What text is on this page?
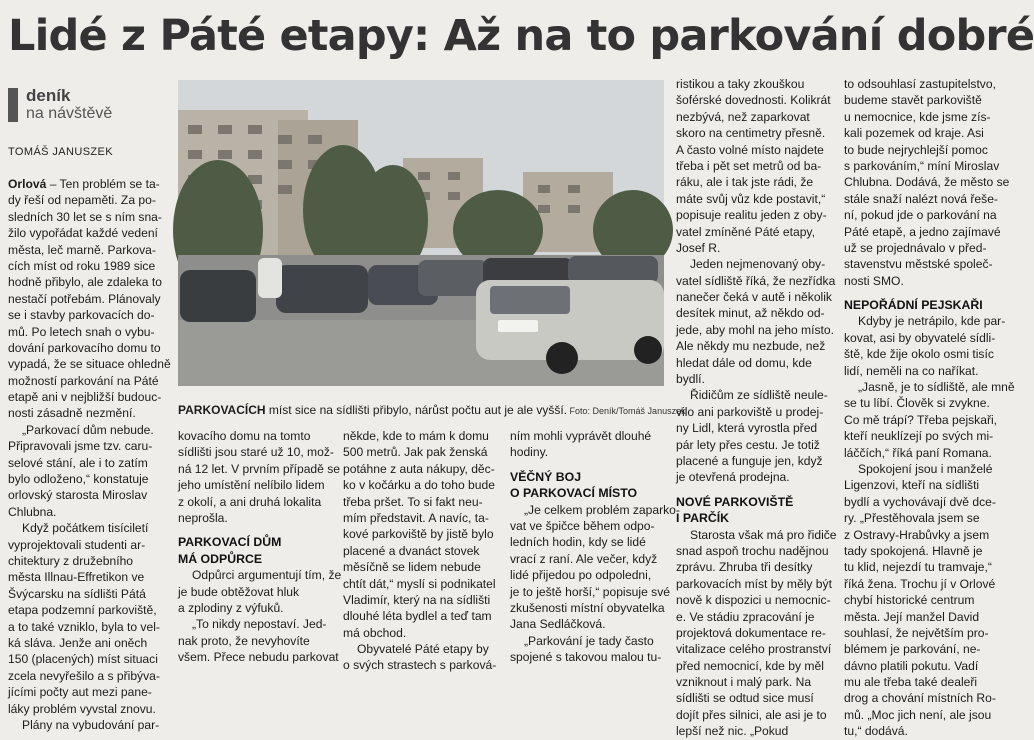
Lidé z Páté etapy: Až na to parkování dobré
deník
na návštěvě
TOMÁŠ JANUSZEK
Orlová – Ten problém se ta-
dy řeší od nepaměti. Za po-
sledních 30 let se s ním sna-
žilo vypořádat každé vedení
města, leč marně. Parkova-
cích míst od roku 1989 sice
hodně přibylo, ale zdaleka to
nestačí potřebám. Plánovaly
se i stavby parkovacích do-
mů. Po letech snah o vybu-
dování parkovacího domu to
vypadá, že se situace ohledně
možností parkování na Páté
etapě ani v nejbližší budouc-
nosti zásadně nezmění.
„Parkovací dům nebude.
Připravovali jsme tzv. caru-
selové stání, ale i to zatím
bylo odloženo,“ konstatuje
orlovský starosta Miroslav
Chlubna.
Když počátkem tisíciletí
vyprojektovali studenti ar-
chitektury z družebního
města Illnau-Effretikon ve
Švýcarsku na sídlišti Pátá
etapa podzemní parkoviště,
a to také vzniklo, byla to vel-
ká sláva. Jenže ani oněch
150 (placených) míst situaci
zcela nevyřešilo a s přibýva-
jícími počty aut mezi pane-
láky problém vyvstal znovu.
Plány na vybudování par-
PARKOVACÍCH míst sice na sídlišti přibylo, nárůst počtu aut je ale vyšší. Foto: Deník/Tomáš Januszek
kovacího domu na tomto
sídlišti jsou staré už 10, mož-
ná 12 let. V prvním případě se
jeho umístění nelíbilo lidem
z okolí, a ani druhá lokalita
neprošla.
PARKOVACÍ DŮM
MÁ ODPŮRCE
Odpůrci argumentují tím, že
je bude obtěžovat hluk
a zplodiny z výfuků.
„To nikdy nepostaví. Jed-
nak proto, že nevyhovíte
všem. Přece nebudu parkovat
někde, kde to mám k domu
500 metrů. Jak pak ženská
potáhne z auta nákupy, děc-
ko v kočárku a do toho bude
třeba pršet. To si fakt neu-
mím představit. A navíc, ta-
kové parkoviště by jistě bylo
placené a dvanáct stovek
měsíčně se lidem nebude
chtít dát,“ myslí si podnikatel
Vladimír, který na na sídlišti
dlouhé léta bydlel a teď tam
má obchod.
Obyvatelé Páté etapy by
o svých strastech s parková-
ním mohli vyprávět dlouhé
hodiny.
VĚČNÝ BOJ
O PARKOVACÍ MÍSTO
„Je celkem problém zaparko-
vat ve špičce během odpo-
ledních hodin, kdy se lidé
vrací z raní. Ale večer, když
lidé přijedou po odpoledni,
je to ještě horší,“ popisuje své
zkušenosti místní obyvatelka
Jana Sedláčková.
„Parkování je tady často
spojené s takovou malou tu-
ristikou a taky zkouškou
šoférské dovednosti. Kolikrát
nezbývá, než zaparkovat
skoro na centimetry přesně.
A často volné místo najdete
třeba i pět set metrů od ba-
ráku, ale i tak jste rádi, že
máte svůj vůz kde postavit,“
popisuje realitu jeden z oby-
vatel zmíněné Páté etapy,
Josef R.
Jeden nejmenovaný oby-
vatel sídliště říká, že nezřídka
nanečer čeká v autě i několik
desítek minut, až někdo od-
jede, aby mohl na jeho místo.
Ale někdy mu nezbude, než
hledat dále od domu, kde
bydlí.
Řidičům ze sídliště neule-
vilo ani parkoviště u prodej-
ny Lidl, která vyrostla před
pár lety přes cestu. Je totiž
placené a funguje jen, když
je otevřená prodejna.
NOVÉ PARKOVIŠTĚ
I PARČÍK
Starosta však má pro řidiče
snad aspoň trochu nadějnou
zprávu. Zhruba tři desítky
parkovacích míst by měly být
nově k dispozici u nemocnic-
e. Ve stádiu zpracování je
projektová dokumentace re-
vitalizace celého prostranství
před nemocnicí, kde by měl
vzniknout i malý park. Na
sídlišti se odtud sice musí
dojít přes silnici, ale asi je to
lepší než nic. „Pokud
to odsouhlasí zastupitelstvo,
budeme stavět parkoviště
u nemocnice, kde jsme zís-
kali pozemek od kraje. Asi
to bude nejrychlejší pomoc
s parkováním,“ míní Miroslav
Chlubna. Dodává, že město se
stále snaží nalézt nová řeše-
ní, pokud jde o parkování na
Páté etapě, a jedno zajímavé
už se projednávalo v před-
stavenstvu městské společ-
nosti SMO.
NEPOŘÁDNÍ PEJSKAŘI
Kdyby je netrápilo, kde par-
kovat, asi by obyvatelé sídli-
ště, kde žije okolo osmi tisíc
lidí, neměli na co naříkat.
„Jasně, je to sídliště, ale mně
se tu líbí. Člověk si zvykne.
Co mě trápí? Třeba pejskaři,
kteří neuklízejí po svých mi-
láččích,“ říká paní Romana.
Spokojení jsou i manželé
Ligenzovi, kteří na sídlišti
bydlí a vychovávají dvě dce-
ry. „Přestěhovala jsem se
z Ostravy-Hrabůvky a jsem
tady spokojená. Hlavně je
tu klid, nejezdí tu tramvaje,“
říká žena. Trochu jí v Orlové
chybí historické centrum
města. Její manžel David
souhlasí, že největším pro-
blémem je parkování, ne-
dávno platili pokutu. Vadí
mu ale třeba také dealeři
drog a chování místních Ro-
mů. „Moc jich není, ale jsou
tu,“ dodává.
